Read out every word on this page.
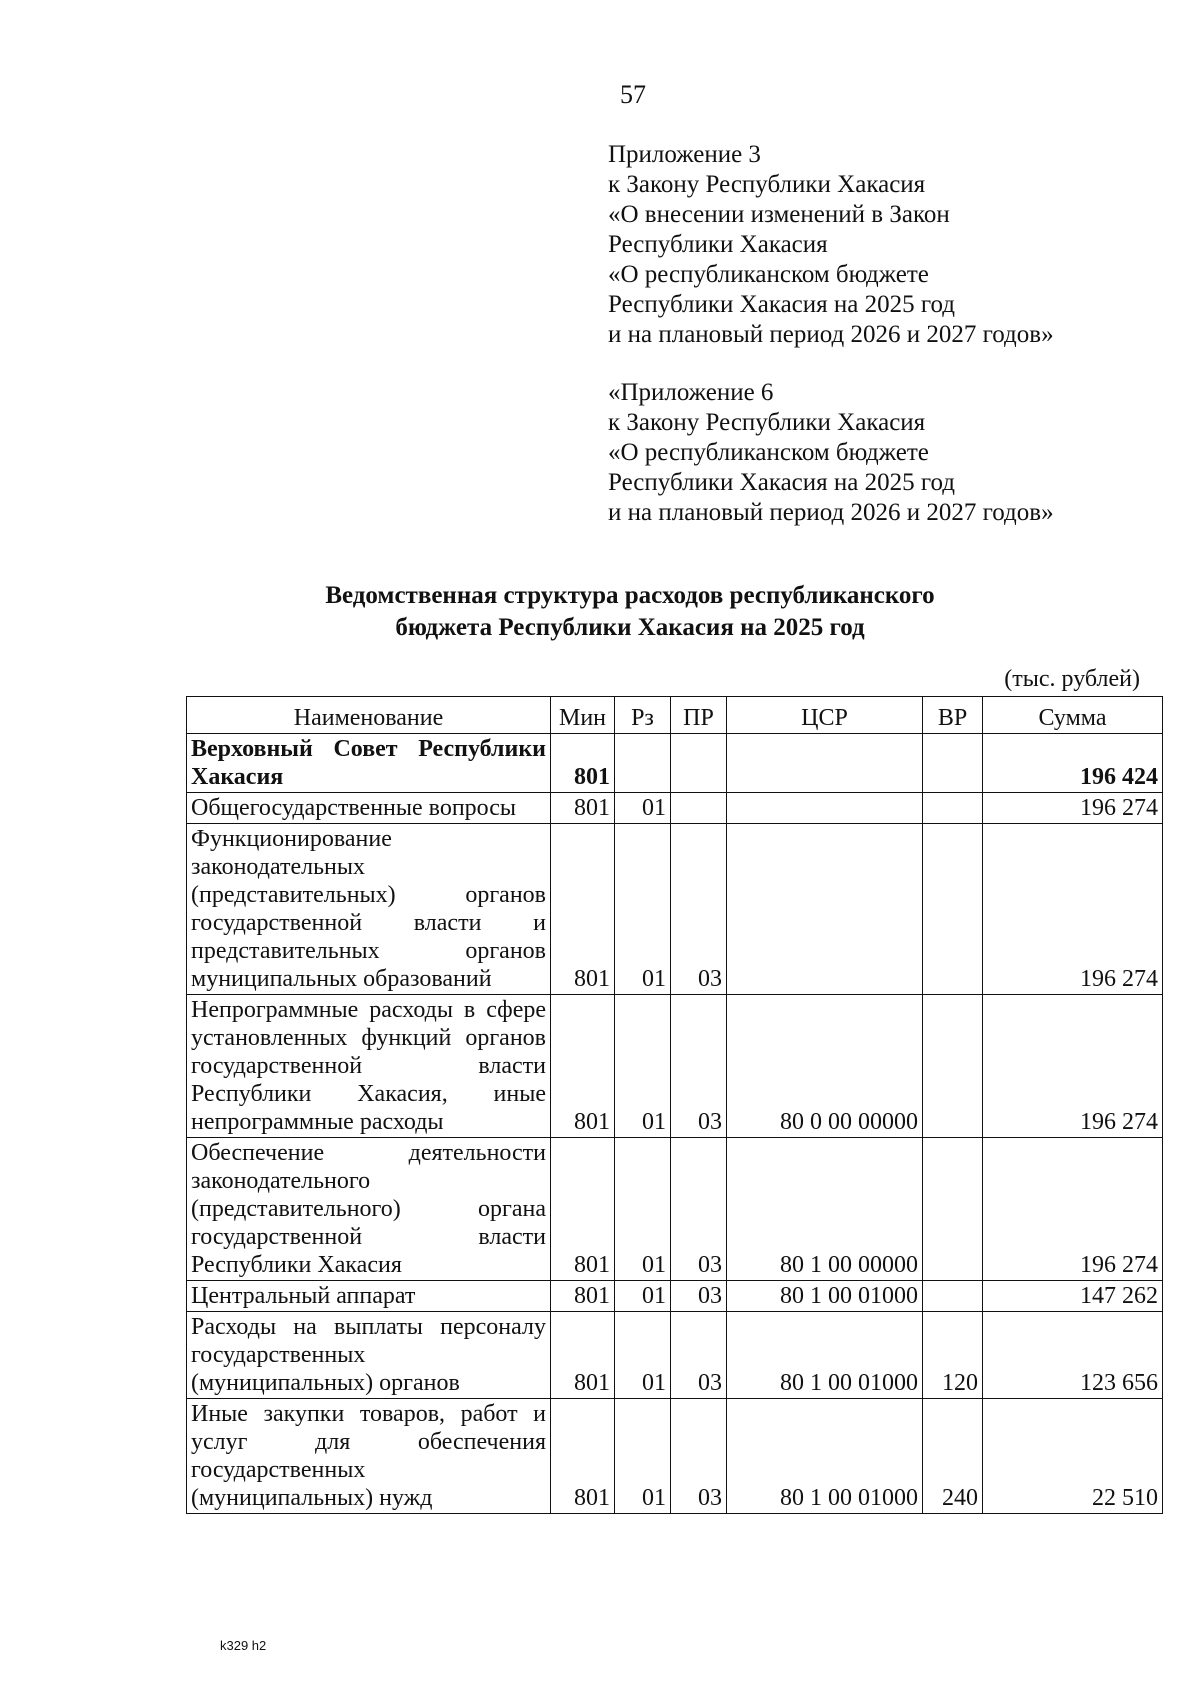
57
Приложение 3
к Закону Республики Хакасия
«О внесении изменений в Закон
Республики Хакасия
«О республиканском бюджете
Республики Хакасия на 2025 год
и на плановый период 2026 и 2027 годов»
«Приложение 6
к Закону Республики Хакасия
«О республиканском бюджете
Республики Хакасия на 2025 год
и на плановый период 2026 и 2027 годов»
Ведомственная структура расходов республиканского
бюджета Республики Хакасия на 2025 год
(тыс. рублей)
Наименование	Мин	Рз	ПР	ЦСР	ВР	Сумма
Верховный Совет Республики Хакасия	801					196 424
Общегосударственные вопросы	801	01				196 274
Функционирование законодательных (представительных) органов государственной власти и представительных органов муниципальных образований	801	01	03			196 274
Непрограммные расходы в сфере установленных функций органов государственной власти Республики Хакасия, иные непрограммные расходы	801	01	03	80 0 00 00000		196 274
Обеспечение деятельности законодательного (представительного) органа государственной власти Республики Хакасия	801	01	03	80 1 00 00000		196 274
Центральный аппарат	801	01	03	80 1 00 01000		147 262
Расходы на выплаты персоналу государственных (муниципальных) органов	801	01	03	80 1 00 01000	120	123 656
Иные закупки товаров, работ и услуг для обеспечения государственных (муниципальных) нужд	801	01	03	80 1 00 01000	240	22 510
k329 h2
